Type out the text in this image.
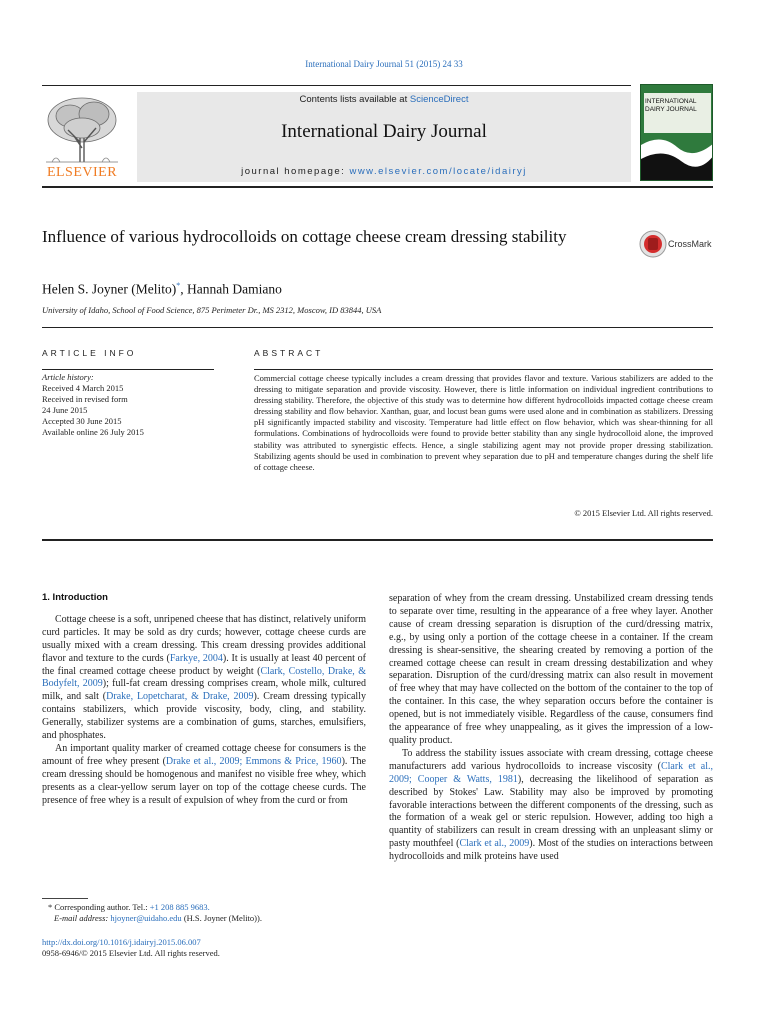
International Dairy Journal 51 (2015) 24 33
Contents lists available at ScienceDirect
International Dairy Journal
journal homepage: www.elsevier.com/locate/idairyj
ELSEVIER
INTERNATIONAL DAIRY JOURNAL
Influence of various hydrocolloids on cottage cheese cream dressing stability	CrossMark
Helen S. Joyner (Melito)*, Hannah Damiano
University of Idaho, School of Food Science, 875 Perimeter Dr., MS 2312, Moscow, ID 83844, USA
ARTICLE INFO
Article history:
Received 4 March 2015
Received in revised form
24 June 2015
Accepted 30 June 2015
Available online 26 July 2015
ABSTRACT
Commercial cottage cheese typically includes a cream dressing that provides flavor and texture. Various stabilizers are added to the dressing to mitigate separation and provide viscosity. However, there is little information on individual ingredient contributions to dressing stability. Therefore, the objective of this study was to determine how different hydrocolloids impacted cottage cheese cream dressing stability and flow behavior. Xanthan, guar, and locust bean gums were used alone and in combination as stabilizers. Dressing pH significantly impacted stability and viscosity. Temperature had little effect on flow behavior, which was shear-thinning for all formulations. Combinations of hydrocolloids were found to provide better stability than any single hydrocolloid alone, the improved stability was attributed to synergistic effects. Hence, a single stabilizing agent may not provide proper dressing stabilization. Stabilizing agents should be used in combination to prevent whey separation due to pH and temperature changes during the shelf life of cottage cheese.
© 2015 Elsevier Ltd. All rights reserved.
1. Introduction

Cottage cheese is a soft, unripened cheese that has distinct, relatively uniform curd particles. It may be sold as dry curds; however, cottage cheese curds are usually mixed with a cream dressing. This cream dressing provides additional flavor and texture to the curds (Farkye, 2004). It is usually at least 40 percent of the final creamed cottage cheese product by weight (Clark, Costello, Drake, & Bodyfelt, 2009); full-fat cream dressing comprises cream, whole milk, cultured milk, and salt (Drake, Lopetcharat, & Drake, 2009). Cream dressing typically contains stabilizers, which provide viscosity, body, cling, and stability. Generally, stabilizer systems are a combination of gums, starches, emulsifiers, and phosphates.

An important quality marker of creamed cottage cheese for consumers is the amount of free whey present (Drake et al., 2009; Emmons & Price, 1960). The cream dressing should be homogenous and manifest no visible free whey, which presents as a clear-yellow serum layer on top of the cottage cheese curds. The presence of free whey is a result of expulsion of whey from the curd or from

separation of whey from the cream dressing. Unstabilized cream dressing tends to separate over time, resulting in the appearance of a free whey layer. Another cause of cream dressing separation is disruption of the curd/dressing matrix, e.g., by using only a portion of the cottage cheese in a container. If the cream dressing is shear-sensitive, the shearing created by removing a portion of the creamed cottage cheese can result in cream dressing destabilization and whey separation. Disruption of the curd/dressing matrix can also result in movement of free whey that may have collected on the bottom of the container to the top of the container. In this case, the whey separation occurs before the container is opened, but is not immediately visible. Regardless of the cause, consumers find the appearance of free whey unappealing, as it gives the impression of a low-quality product.

To address the stability issues associate with cream dressing, cottage cheese manufacturers add various hydrocolloids to increase viscosity (Clark et al., 2009; Cooper & Watts, 1981), decreasing the likelihood of separation as described by Stokes' Law. Stability may also be improved by promoting favorable interactions between the different components of the dressing, such as the formation of a weak gel or steric repulsion. However, adding too high a quantity of stabilizers can result in cream dressing with an unpleasant slimy or pasty mouthfeel (Clark et al., 2009). Most of the studies on interactions between hydrocolloids and milk proteins have used

* Corresponding author. Tel.: +1 208 885 9683.
E-mail address: hjoyner@uidaho.edu (H.S. Joyner (Melito)).
http://dx.doi.org/10.1016/j.idairyj.2015.06.007
0958-6946/© 2015 Elsevier Ltd. All rights reserved.
